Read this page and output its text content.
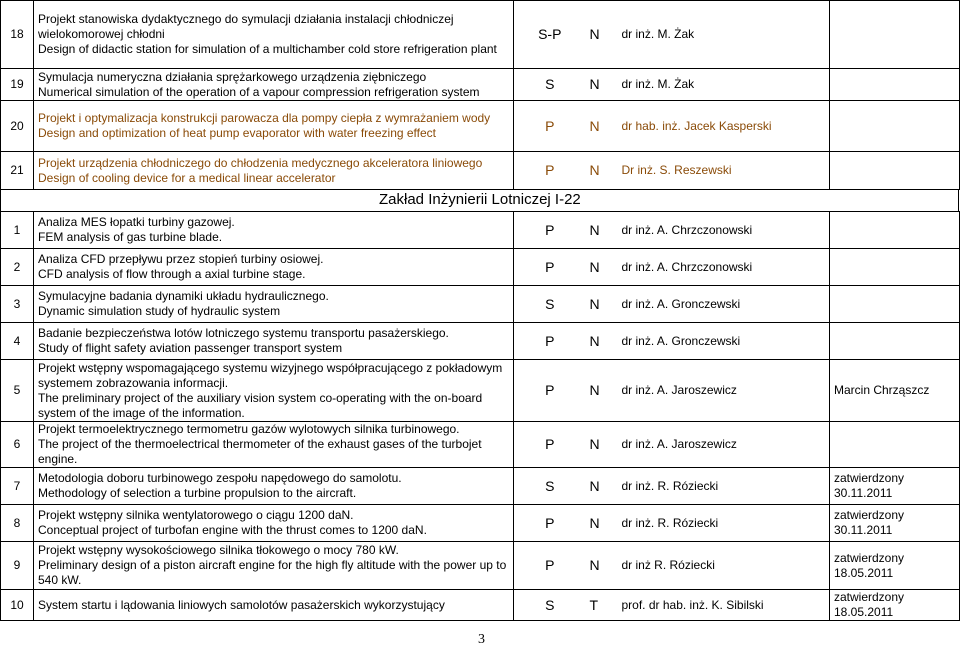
18	Projekt stanowiska dydaktycznego do symulacji działania instalacji chłodniczej wielokomorowej chłodni
Design of didactic station for simulation of a multichamber cold store refrigeration plant	S-P	N	dr inż. M. Żak	
19	Symulacja numeryczna działania sprężarkowego urządzenia ziębniczego
Numerical simulation of the operation of a vapour compression refrigeration system	S	N	dr inż. M. Żak	
20	Projekt i optymalizacja konstrukcji parowacza dla pompy ciepła z wymrażaniem wody
Design and optimization of heat pump evaporator with water freezing effect	P	N	dr hab. inż. Jacek Kasperski	
21	Projekt urządzenia chłodniczego do chłodzenia medycznego akceleratora liniowego
Design of cooling device for a medical linear accelerator	P	N	Dr inż. S. Reszewski	
Zakład Inżynierii Lotniczej I-22
1	Analiza MES łopatki turbiny gazowej.
FEM analysis of gas turbine blade.	P	N	dr inż. A. Chrzczonowski	
2	Analiza CFD przepływu przez stopień turbiny osiowej.
CFD analysis of flow through a axial turbine stage.	P	N	dr inż. A. Chrzczonowski	
3	Symulacyjne badania dynamiki układu hydraulicznego.
Dynamic simulation study of hydraulic system	S	N	dr inż. A. Gronczewski	
4	Badanie bezpieczeństwa lotów lotniczego systemu transportu pasażerskiego.
Study of flight safety aviation passenger transport system	P	N	dr inż. A. Gronczewski	
5	Projekt wstępny wspomagającego systemu wizyjnego współpracującego z pokładowym systemem zobrazowania informacji.
The preliminary project of the auxiliary vision system co-operating with the on-board system of the image of the information.	P	N	dr inż. A. Jaroszewicz	Marcin Chrząszcz
6	Projekt termoelektrycznego termometru gazów wylotowych silnika turbinowego.
The project of the thermoelectrical thermometer of the exhaust gases of the turbojet engine.	P	N	dr inż. A. Jaroszewicz	
7	Metodologia doboru turbinowego zespołu napędowego do samolotu.
Methodology of selection a turbine propulsion to the aircraft.	S	N	dr inż. R. Róziecki	zatwierdzony 30.11.2011
8	Projekt wstępny silnika wentylatorowego o ciągu 1200 daN.
Conceptual project of turbofan engine with the thrust comes to 1200 daN.	P	N	dr inż. R. Róziecki	zatwierdzony 30.11.2011
9	Projekt wstępny wysokościowego silnika tłokowego o mocy 780 kW.
Preliminary design of a piston aircraft engine for the high fly altitude with the power up to 540 kW.	P	N	dr inż R. Róziecki	zatwierdzony 18.05.2011
10	System startu i lądowania liniowych samolotów pasażerskich wykorzystujący	S	T	prof. dr hab. inż. K. Sibilski	zatwierdzony 18.05.2011
3
